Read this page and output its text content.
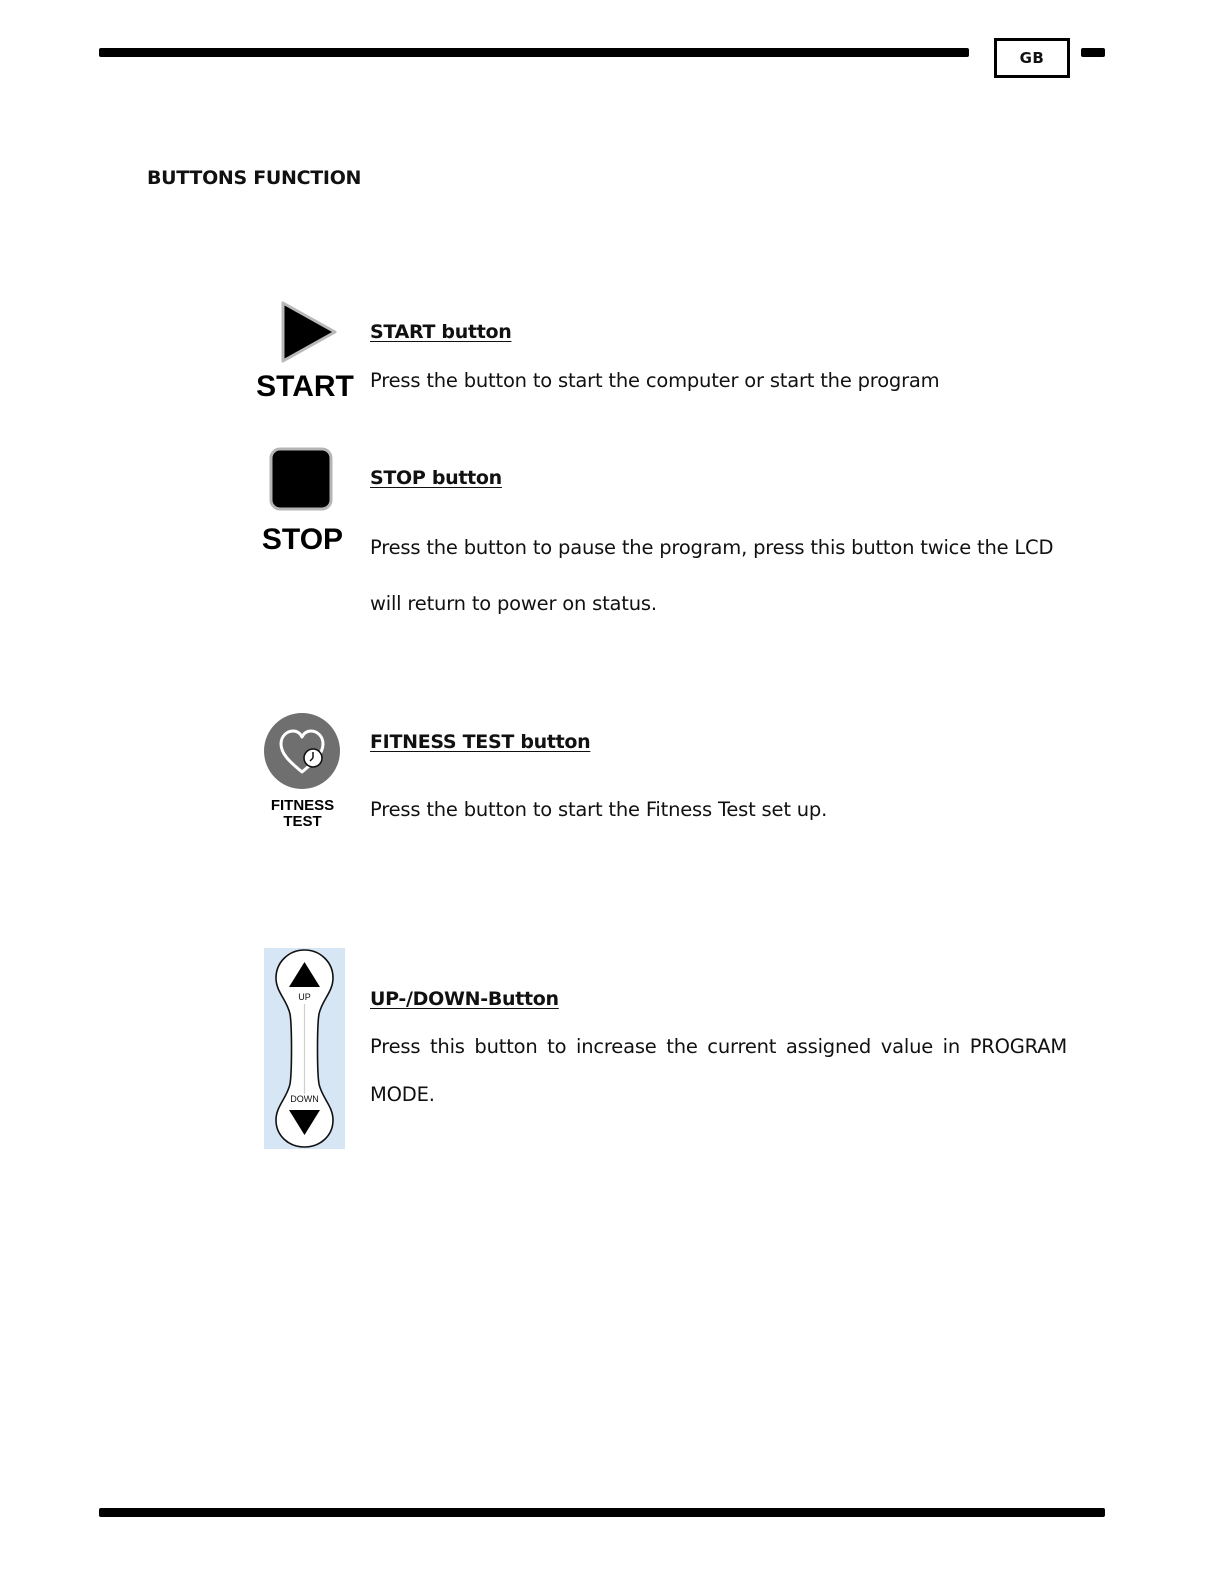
GB
BUTTONS FUNCTION
START
START button
Press the button to start the computer or start the program
STOP
STOP button
Press the button to pause the program, press this button twice the LCD
will return to power on status.
FITNESS
TEST
FITNESS TEST button
Press the button to start the Fitness Test set up.
UP
DOWN
UP-/DOWN-Button
Press this button to increase the current assigned value in PROGRAM
MODE.
